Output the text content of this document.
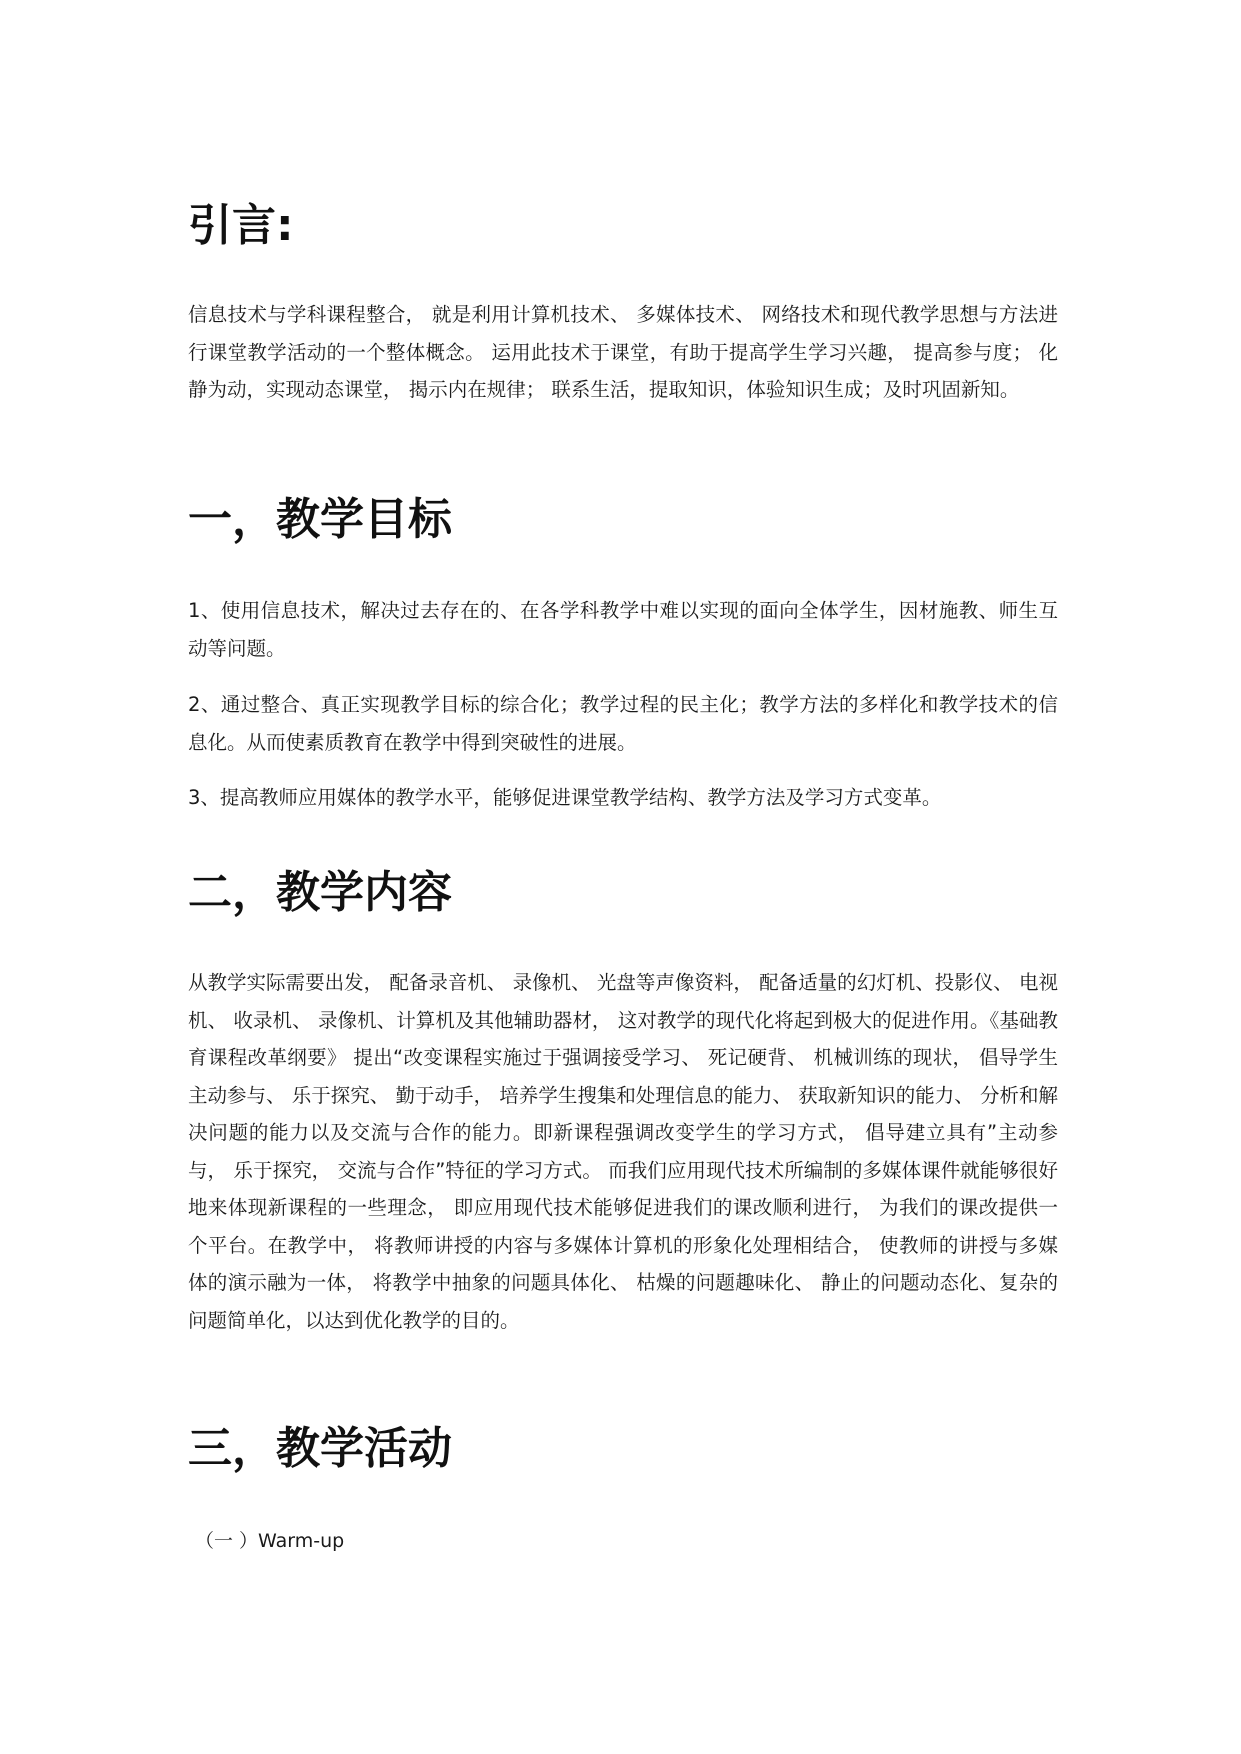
引言:

信息技术与学科课程整合， 就是利用计算机技术、 多媒体技术、 网络技术和现代教学思想与方法进行课堂教学活动的一个整体概念。 运用此技术于课堂，有助于提高学生学习兴趣， 提高参与度； 化静为动，实现动态课堂， 揭示内在规律； 联系生活，提取知识，体验知识生成；及时巩固新知。

一，教学目标

1、使用信息技术，解决过去存在的、在各学科教学中难以实现的面向全体学生，因材施教、师生互动等问题。

2、通过整合、真正实现教学目标的综合化；教学过程的民主化；教学方法的多样化和教学技术的信息化。从而使素质教育在教学中得到突破性的进展。

3、提高教师应用媒体的教学水平，能够促进课堂教学结构、教学方法及学习方式变革。

二，教学内容

从教学实际需要出发， 配备录音机、 录像机、 光盘等声像资料， 配备适量的幻灯机、投影仪、 电视机、 收录机、 录像机、计算机及其他辅助器材， 这对教学的现代化将起到极大的促进作用。《基础教育课程改革纲要》 提出“改变课程实施过于强调接受学习、 死记硬背、 机械训练的现状， 倡导学生主动参与、 乐于探究、 勤于动手， 培养学生搜集和处理信息的能力、 获取新知识的能力、 分析和解决问题的能力以及交流与合作的能力。即新课程强调改变学生的学习方式， 倡导建立具有”主动参与， 乐于探究， 交流与合作”特征的学习方式。 而我们应用现代技术所编制的多媒体课件就能够很好地来体现新课程的一些理念， 即应用现代技术能够促进我们的课改顺利进行， 为我们的课改提供一个平台。在教学中， 将教师讲授的内容与多媒体计算机的形象化处理相结合， 使教师的讲授与多媒体的演示融为一体， 将教学中抽象的问题具体化、 枯燥的问题趣味化、 静止的问题动态化、复杂的问题简单化，以达到优化教学的目的。

三，教学活动

（一 ）Warm-up
